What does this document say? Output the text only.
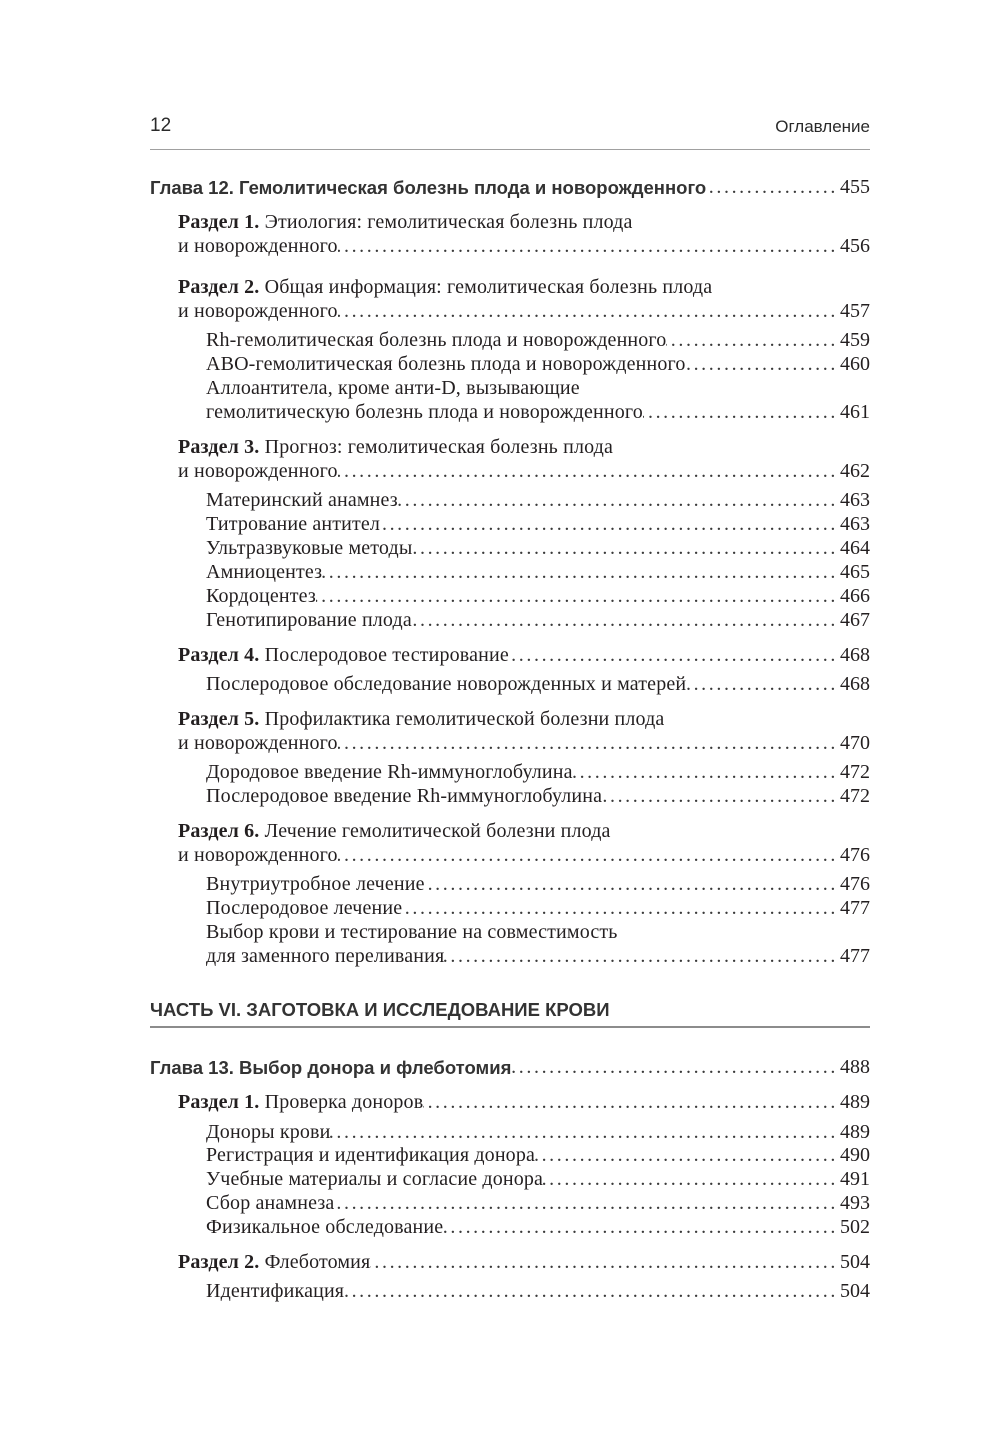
12	Оглавление
Глава 12. Гемолитическая болезнь плода и новорожденного .....	455
Раздел 1. Этиология: гемолитическая болезнь плода
и новорожденного .....	456
Раздел 2. Общая информация: гемолитическая болезнь плода
и новорожденного .....	457
Rh-гемолитическая болезнь плода и новорожденного .....	459
ABO-гемолитическая болезнь плода и новорожденного .....	460
Аллоантитела, кроме анти-D, вызывающие
гемолитическую болезнь плода и новорожденного .....	461
Раздел 3. Прогноз: гемолитическая болезнь плода
и новорожденного .....	462
Материнский анамнез .....	463
Титрование антител .....	463
Ультразвуковые методы .....	464
Амниоцентез .....	465
Кордоцентез .....	466
Генотипирование плода .....	467
Раздел 4. Послеродовое тестирование .....	468
Послеродовое обследование новорожденных и матерей .....	468
Раздел 5. Профилактика гемолитической болезни плода
и новорожденного .....	470
Дородовое введение Rh-иммуноглобулина .....	472
Послеродовое введение Rh-иммуноглобулина .....	472
Раздел 6. Лечение гемолитической болезни плода
и новорожденного .....	476
Внутриутробное лечение .....	476
Послеродовое лечение .....	477
Выбор крови и тестирование на совместимость
для заменного переливания .....	477
ЧАСТЬ VI. ЗАГОТОВКА И ИССЛЕДОВАНИЕ КРОВИ
Глава 13. Выбор донора и флеботомия .....	488
Раздел 1. Проверка доноров .....	489
Доноры крови .....	489
Регистрация и идентификация донора .....	490
Учебные материалы и согласие донора .....	491
Сбор анамнеза .....	493
Физикальное обследование .....	502
Раздел 2. Флеботомия .....	504
Идентификация .....	504
